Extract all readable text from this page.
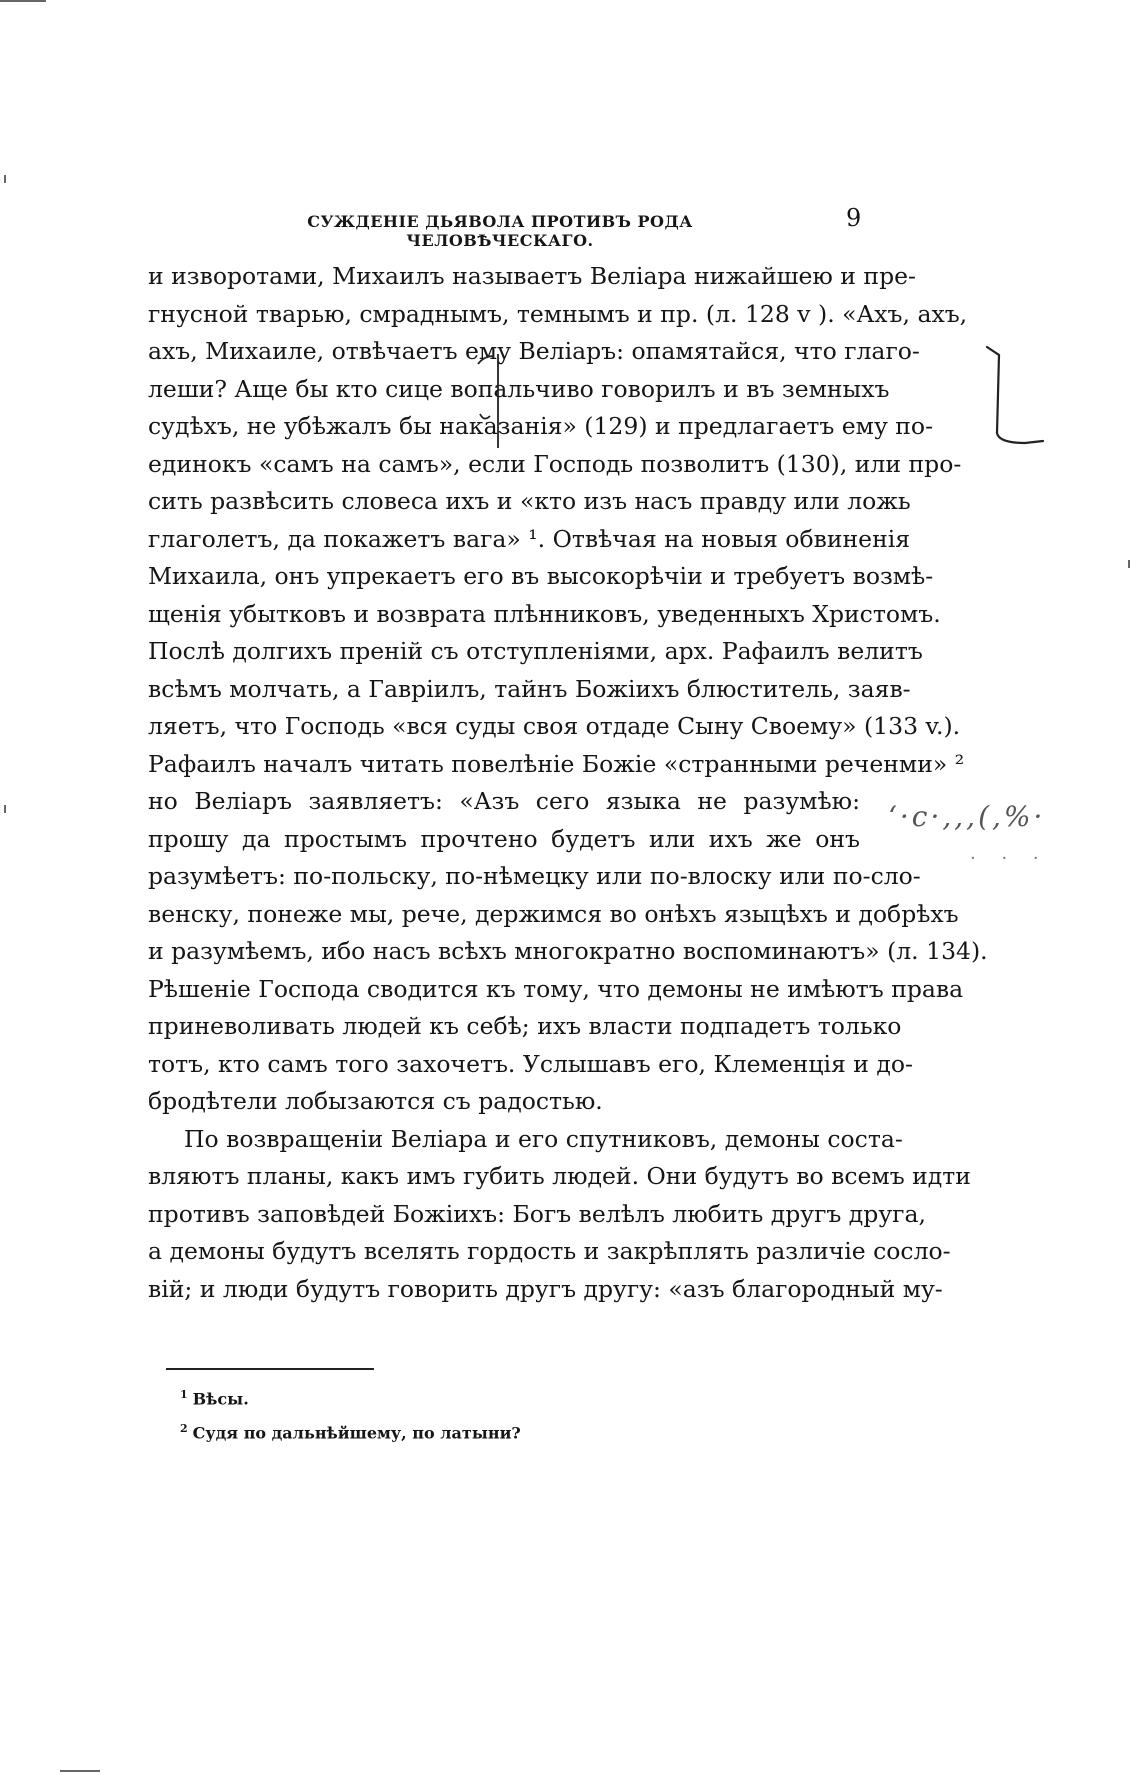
СУЖДЕНІЕ ДЬЯВОЛА ПРОТИВЪ РОДА ЧЕЛОВѢЧЕСКАГО.
9
и изворотами, Михаилъ называетъ Веліара нижайшею и пре-
гнусной тварью, смраднымъ, темнымъ и пр. (л. 128 v ). «Ахъ, ахъ,
ахъ, Михаиле, отвѣчаетъ ему Веліаръ: опамятайся, что глаго-
леши? Аще бы кто сице вопальчиво говорилъ и въ земныхъ
судѣхъ, не убѣжалъ бы наказанія» (129) и предлагаетъ ему по-
единокъ «самъ на самъ», если Господь позволитъ (130), или про-
сить развѣсить словеса ихъ и «кто изъ насъ правду или ложь
глаголетъ, да покажетъ вага» ¹. Отвѣчая на новыя обвиненія
Михаила, онъ упрекаетъ его въ высокорѣчіи и требуетъ возмѣ-
щенія убытковъ и возврата плѣнниковъ, уведенныхъ Христомъ.
Послѣ долгихъ преній съ отступленіями, арх. Рафаилъ велитъ
всѣмъ молчать, а Гавріилъ, тайнъ Божіихъ блюститель, заяв-
ляетъ, что Господь «вся суды своя отдаде Сыну Своему» (133 v.).
Рафаилъ началъ читать повелѣніе Божіе «странными реченми» ²
но Веліаръ заявляетъ: «Азъ сего языка не разумѣю:
прошу да простымъ прочтено будетъ или ихъ же онъ
разумѣетъ: по-польску, по-нѣмецку или по-влоску или по-сло-
венску, понеже мы, рече, держимся во онѣхъ языцѣхъ и добрѣхъ
и разумѣемъ, ибо насъ всѣхъ многократно воспоминаютъ» (л. 134).
Рѣшеніе Господа сводится къ тому, что демоны не имѣютъ права
приневоливать людей къ себѣ; ихъ власти подпадетъ только
тотъ, кто самъ того захочетъ. Услышавъ его, Клеменція и до-
бродѣтели лобызаются съ радостью.
По возвращеніи Веліара и его спутниковъ, демоны соста-
вляютъ планы, какъ имъ губить людей. Они будутъ во всемъ идти
противъ заповѣдей Божіихъ: Богъ велѣлъ любить другъ друга,
а демоны будутъ вселять гордость и закрѣплять различіе сосло-
вій; и люди будутъ говорить другъ другу: «азъ благородный му-
$^1$ Вѣсы.
$^2$ Судя по дальнѣйшему, по латыни?
ʻ·с·,,,(,%·
· · ·
